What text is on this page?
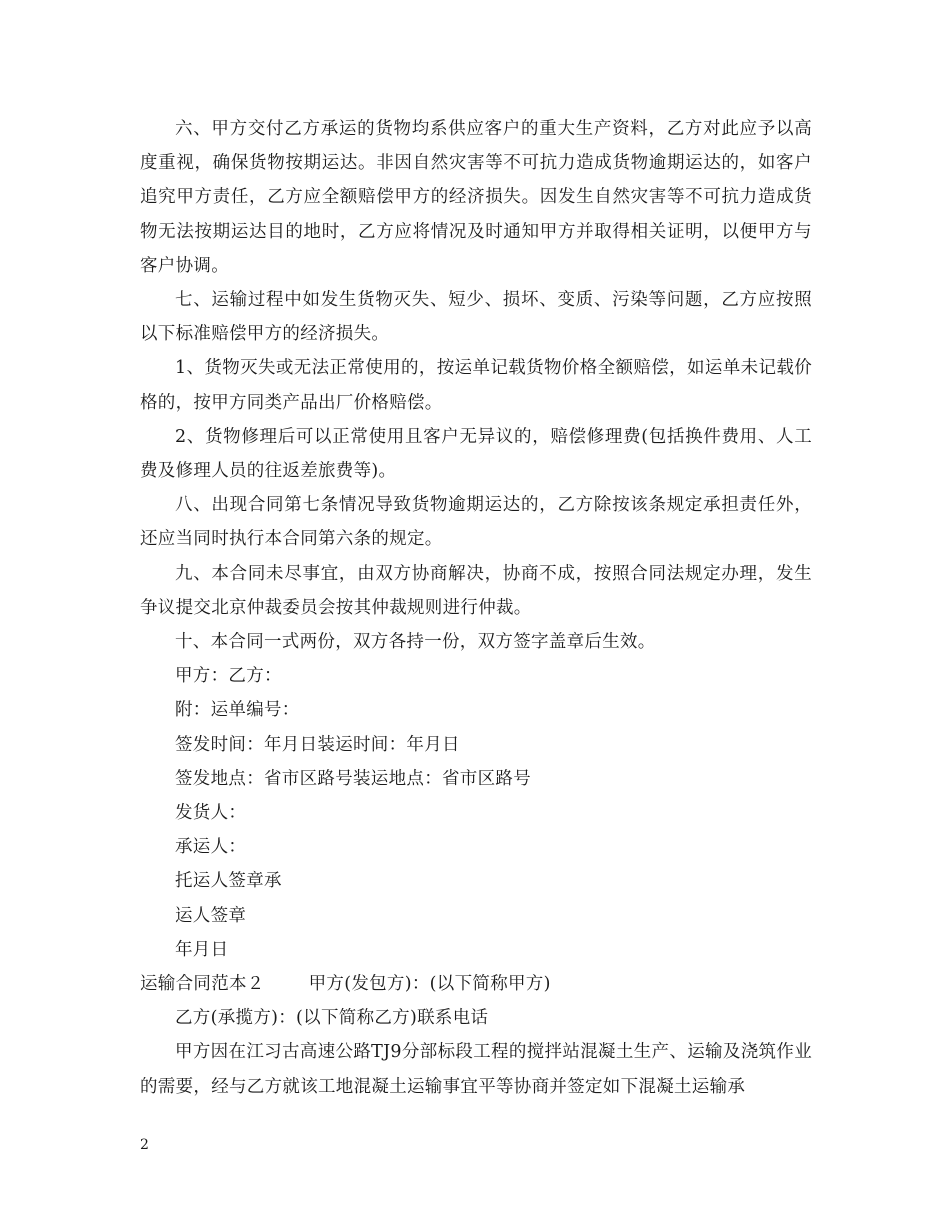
六、甲方交付乙方承运的货物均系供应客户的重大生产资料，乙方对此应予以高度重视，确保货物按期运达。非因自然灾害等不可抗力造成货物逾期运达的，如客户追究甲方责任，乙方应全额赔偿甲方的经济损失。因发生自然灾害等不可抗力造成货物无法按期运达目的地时，乙方应将情况及时通知甲方并取得相关证明，以便甲方与客户协调。

七、运输过程中如发生货物灭失、短少、损坏、变质、污染等问题，乙方应按照以下标准赔偿甲方的经济损失。

1、货物灭失或无法正常使用的，按运单记载货物价格全额赔偿，如运单未记载价格的，按甲方同类产品出厂价格赔偿。

2、货物修理后可以正常使用且客户无异议的，赔偿修理费(包括换件费用、人工费及修理人员的往返差旅费等)。

八、出现合同第七条情况导致货物逾期运达的，乙方除按该条规定承担责任外，还应当同时执行本合同第六条的规定。

九、本合同未尽事宜，由双方协商解决，协商不成，按照合同法规定办理，发生争议提交北京仲裁委员会按其仲裁规则进行仲裁。

十、本合同一式两份，双方各持一份，双方签字盖章后生效。

甲方：乙方：

附：运单编号：

签发时间：年月日装运时间：年月日

签发地点：省市区路号装运地点：省市区路号

发货人：

承运人：

托运人签章承

运人签章

年月日

运输合同范本２	甲方(发包方)：(以下简称甲方)

乙方(承揽方)：(以下简称乙方)联系电话

甲方因在江习古高速公路TJ9分部标段工程的搅拌站混凝土生产、运输及浇筑作业的需要，经与乙方就该工地混凝土运输事宜平等协商并签定如下混凝土运输承

2
